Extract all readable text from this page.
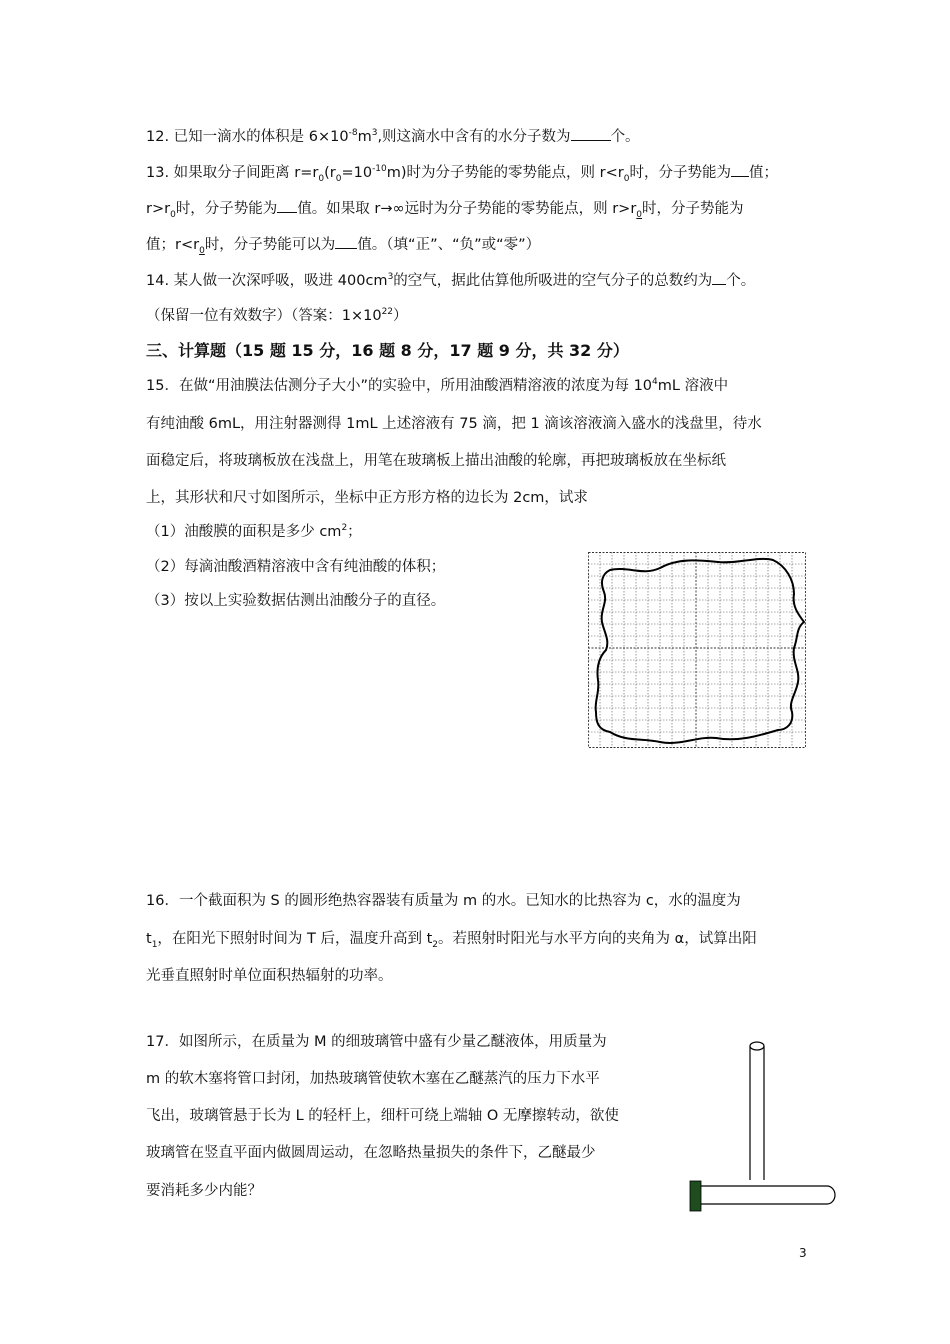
12. 已知一滴水的体积是 $6\times 10^{-8}m^3$,则这滴水中含有的水分子数为	个。
13. 如果取分子间距离 $r=r_0(r_0=10^{-10}m)$时为分子势能的零势能点，则 $r<r_0$时，分子势能为 值；
$r>r_0$时，分子势能为 值。如果取 r→∞远时为分子势能的零势能点，则 $r>r_0$时，分子势能为
值；$r<r_0$时，分子势能可以为 值。（填“正”、“负”或“零”）
14. 某人做一次深呼吸，吸进 $400cm^3$的空气，据此估算他所吸进的空气分子的总数约为 个。
（保留一位有效数字）（答案：$1\times 10^{22}$）
三、计算题（15 题 15 分，16 题 8 分，17 题 9 分，共 32 分）
15．在做“用油膜法估测分子大小”的实验中，所用油酸酒精溶液的浓度为每 $10^4mL$ 溶液中
有纯油酸 6mL，用注射器测得 1mL 上述溶液有 75 滴，把 1 滴该溶液滴入盛水的浅盘里，待水
面稳定后，将玻璃板放在浅盘上，用笔在玻璃板上描出油酸的轮廓，再把玻璃板放在坐标纸
上，其形状和尺寸如图所示，坐标中正方形方格的边长为 2cm，试求
（1）油酸膜的面积是多少 $cm^2$；
（2）每滴油酸酒精溶液中含有纯油酸的体积；
（3）按以上实验数据估测出油酸分子的直径。
16．一个截面积为 S 的圆形绝热容器装有质量为 m 的水。已知水的比热容为 c，水的温度为
$t_1$，在阳光下照射时间为 T 后，温度升高到 $t_2$。若照射时阳光与水平方向的夹角为 α，试算出阳
光垂直照射时单位面积热辐射的功率。
17．如图所示，在质量为 M 的细玻璃管中盛有少量乙醚液体，用质量为
m 的软木塞将管口封闭，加热玻璃管使软木塞在乙醚蒸汽的压力下水平
飞出，玻璃管悬于长为 L 的轻杆上，细杆可绕上端轴 O 无摩擦转动，欲使
玻璃管在竖直平面内做圆周运动，在忽略热量损失的条件下，乙醚最少
要消耗多少内能？
3
